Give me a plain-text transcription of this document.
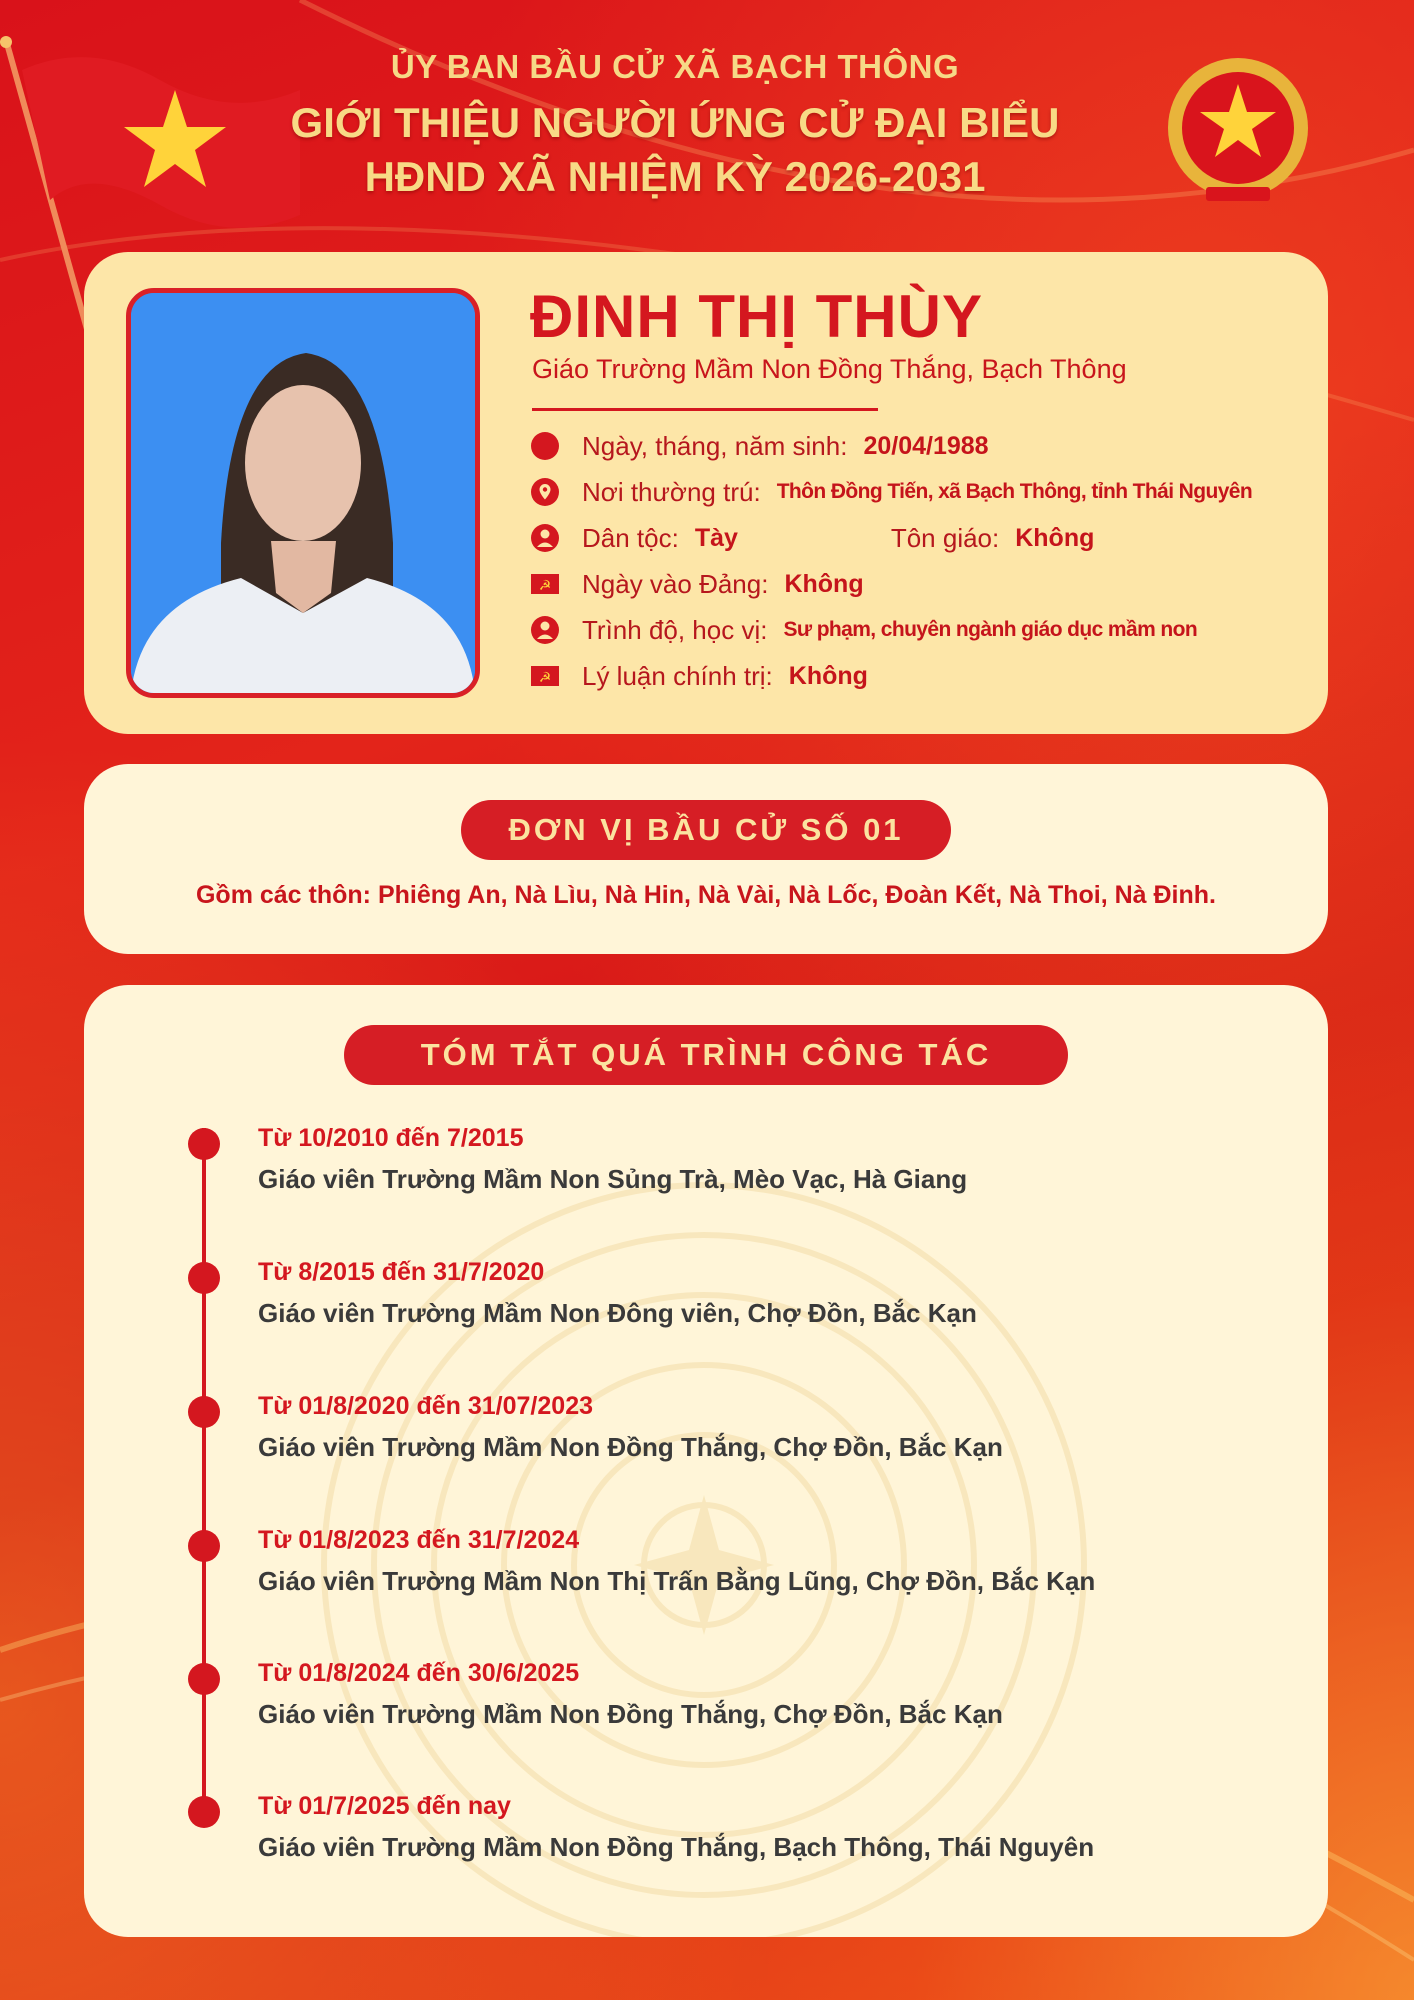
ỦY BAN BẦU CỬ XÃ BẠCH THÔNG
GIỚI THIỆU NGƯỜI ỨNG CỬ ĐẠI BIỂU
HĐND XÃ NHIỆM KỲ 2026-2031
ĐINH THỊ THÙY
Giáo Trường Mầm Non Đồng Thắng, Bạch Thông
Ngày, tháng, năm sinh: 20/04/1988
Nơi thường trú: Thôn Đồng Tiến, xã Bạch Thông, tỉnh Thái Nguyên
Dân tộc: Tày	Tôn giáo: Không
☭ Ngày vào Đảng: Không
Trình độ, học vị: Sư phạm, chuyên ngành giáo dục mầm non
☭ Lý luận chính trị: Không
ĐƠN VỊ BẦU CỬ SỐ 01
Gồm các thôn: Phiêng An, Nà Lìu, Nà Hin, Nà Vài, Nà Lốc, Đoàn Kết, Nà Thoi, Nà Đinh.
TÓM TẮT QUÁ TRÌNH CÔNG TÁC
Từ 10/2010 đến 7/2015
Giáo viên Trường Mầm Non Sủng Trà, Mèo Vạc, Hà Giang
Từ 8/2015 đến 31/7/2020
Giáo viên Trường Mầm Non Đông viên, Chợ Đồn, Bắc Kạn
Từ 01/8/2020 đến 31/07/2023
Giáo viên Trường Mầm Non Đồng Thắng, Chợ Đồn, Bắc Kạn
Từ 01/8/2023 đến 31/7/2024
Giáo viên Trường Mầm Non Thị Trấn Bằng Lũng, Chợ Đồn, Bắc Kạn
Từ 01/8/2024 đến 30/6/2025
Giáo viên Trường Mầm Non Đồng Thắng, Chợ Đồn, Bắc Kạn
Từ 01/7/2025 đến nay
Giáo viên Trường Mầm Non Đồng Thắng, Bạch Thông, Thái Nguyên
